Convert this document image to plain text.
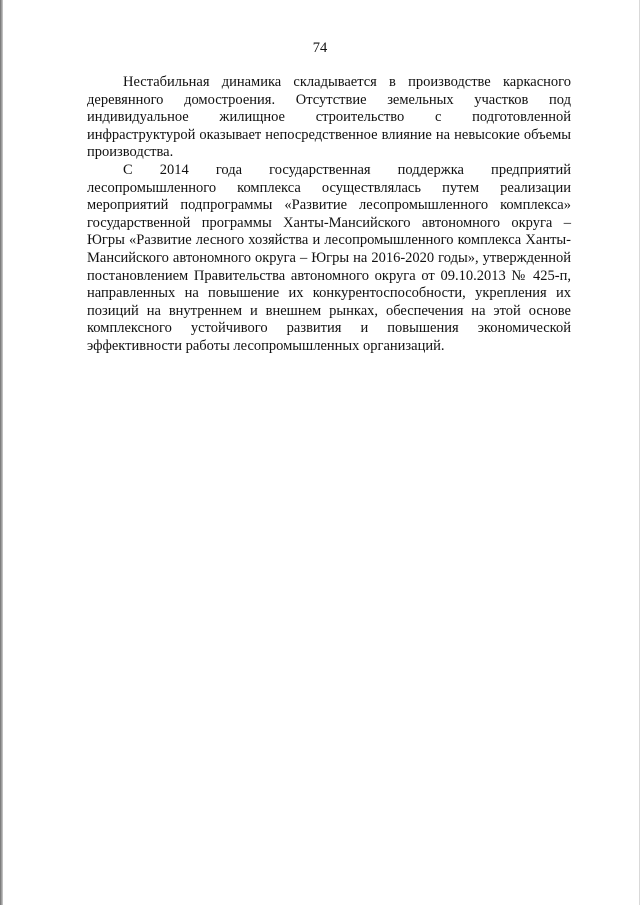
74

Нестабильная динамика складывается в производстве каркасного деревянного домостроения. Отсутствие земельных участков под индивидуальное жилищное строительство с подготовленной инфраструктурой оказывает непосредственное влияние на невысокие объемы производства.

С 2014 года государственная поддержка предприятий лесопромышленного комплекса осуществлялась путем реализации мероприятий подпрограммы «Развитие лесопромышленного комплекса» государственной программы Ханты-Мансийского автономного округа – Югры «Развитие лесного хозяйства и лесопромышленного комплекса Ханты-Мансийского автономного округа – Югры на 2016-2020 годы», утвержденной постановлением Правительства автономного округа от 09.10.2013 № 425-п, направленных на повышение их конкурентоспособности, укрепления их позиций на внутреннем и внешнем рынках, обеспечения на этой основе комплексного устойчивого развития и повышения экономической эффективности работы лесопромышленных организаций.
